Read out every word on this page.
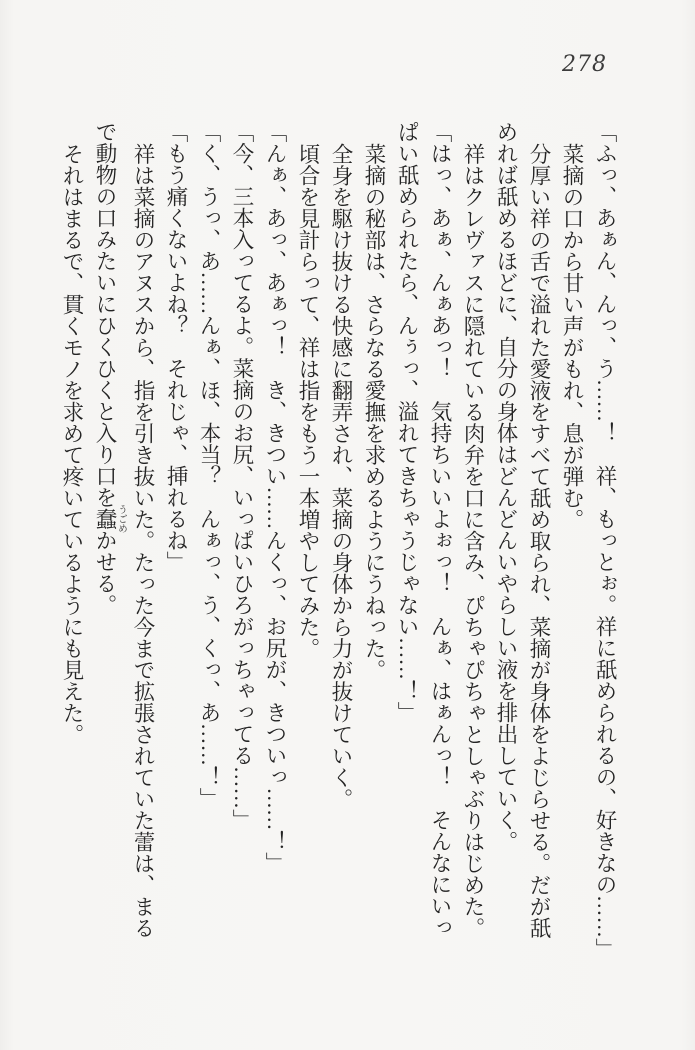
278
「ふっ、あぁん、んっ、う……！　祥、もっとぉ。祥に舐められるの、好きなの……」
菜摘の口から甘い声がもれ、息が弾む。
分厚い祥の舌で溢れた愛液をすべて舐め取られ、菜摘が身体をよじらせる。だが舐
めれば舐めるほどに、自分の身体はどんどんいやらしい液を排出していく。
祥はクレヴァスに隠れている肉弁を口に含み、ぴちゃぴちゃとしゃぶりはじめた。
「はっ、あぁ、んぁあっ！　気持ちいいよぉっ！　んぁ、はぁんっ！　そんなにいっ
ぱい舐められたら、んぅっ、溢れてきちゃうじゃない……！」
菜摘の秘部は、さらなる愛撫を求めるようにうねった。
全身を駆け抜ける快感に翻弄され、菜摘の身体から力が抜けていく。
頃合を見計らって、祥は指をもう一本増やしてみた。
「んぁ、あっ、あぁっ！　き、きつい……んくっ、お尻が、きついっ……！」
「今、三本入ってるよ。菜摘のお尻、いっぱいひろがっちゃってる……」
「く、うっ、あ……んぁ、ほ、本当？　んぁっ、う、くっ、あ……！」
「もう痛くないよね？　それじゃ、挿れるね」
祥は菜摘のアヌスから、指を引き抜いた。たった今まで拡張されていた蕾は、まる
で動物の口みたいにひくひくと入り口を蠢 うごめかせる。
それはまるで、貫くモノを求めて疼いているようにも見えた。
